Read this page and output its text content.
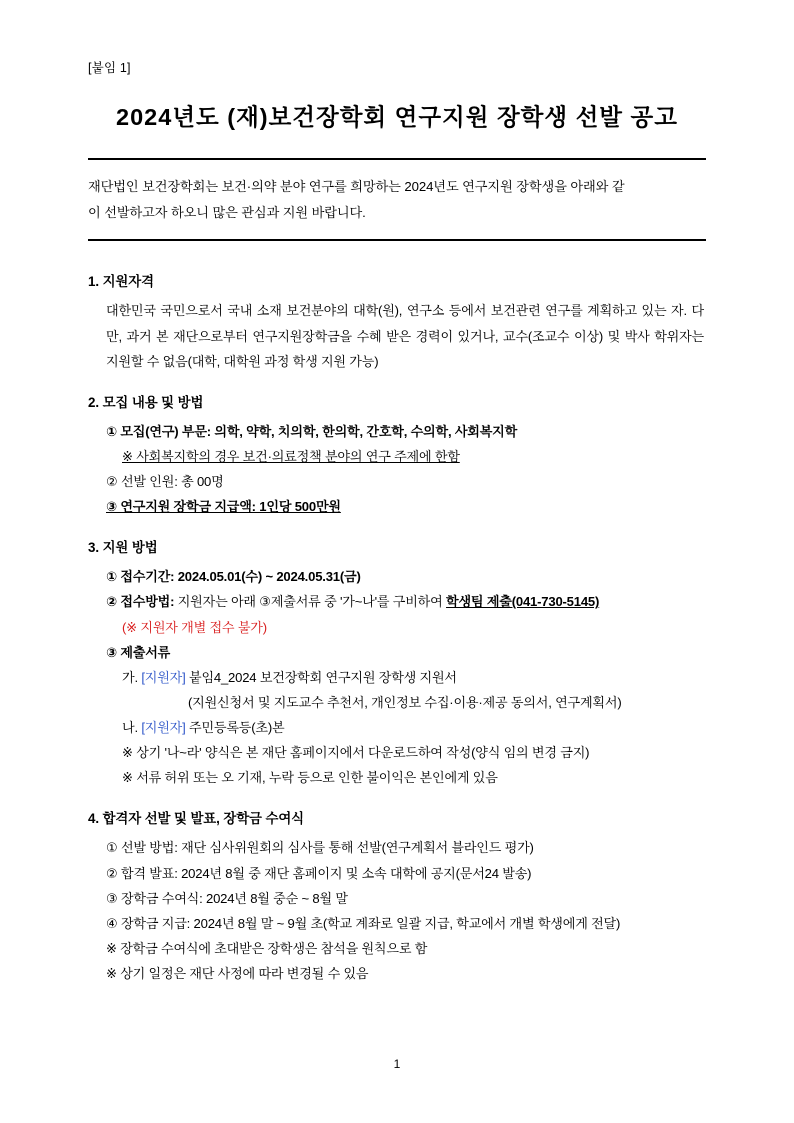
[붙임 1]
2024년도 (재)보건장학회 연구지원 장학생 선발 공고
재단법인 보건장학회는 보건·의약 분야 연구를 희망하는 2024년도 연구지원 장학생을 아래와 같
이 선발하고자 하오니 많은 관심과 지원 바랍니다.
1. 지원자격
대한민국 국민으로서 국내 소재 보건분야의 대학(원), 연구소 등에서 보건관련 연구를 계획하고 있는 자. 다만, 과거 본 재단으로부터 연구지원장학금을 수혜 받은 경력이 있거나, 교수(조교수 이상) 및 박사 학위자는 지원할 수 없음(대학, 대학원 과정 학생 지원 가능)
2. 모집 내용 및 방법
① 모집(연구) 부문: 의학, 약학, 치의학, 한의학, 간호학, 수의학, 사회복지학
※ 사회복지학의 경우 보건·의료정책 분야의 연구 주제에 한함
② 선발 인원: 총 00명
③ 연구지원 장학금 지급액: 1인당 500만원
3. 지원 방법
① 접수기간: 2024.05.01(수) ~ 2024.05.31(금)
② 접수방법: 지원자는 아래 ③제출서류 중 '가~나'를 구비하여 학생팀 제출(041-730-5145)
(※ 지원자 개별 접수 불가)
③ 제출서류
가. [지원자] 붙임4_2024 보건장학회 연구지원 장학생 지원서
(지원신청서 및 지도교수 추천서, 개인정보 수집·이용·제공 동의서, 연구계획서)
나. [지원자] 주민등록등(초)본
※ 상기 '나~라' 양식은 본 재단 홈페이지에서 다운로드하여 작성(양식 임의 변경 금지)
※ 서류 허위 또는 오 기재, 누락 등으로 인한 불이익은 본인에게 있음
4. 합격자 선발 및 발표, 장학금 수여식
① 선발 방법: 재단 심사위원회의 심사를 통해 선발(연구계획서 블라인드 평가)
② 합격 발표: 2024년 8월 중 재단 홈페이지 및 소속 대학에 공지(문서24 발송)
③ 장학금 수여식: 2024년 8월 중순 ~ 8월 말
④ 장학금 지급: 2024년 8월 말 ~ 9월 초(학교 계좌로 일괄 지급, 학교에서 개별 학생에게 전달)
※ 장학금 수여식에 초대받은 장학생은 참석을 원칙으로 함
※ 상기 일정은 재단 사정에 따라 변경될 수 있음
1
